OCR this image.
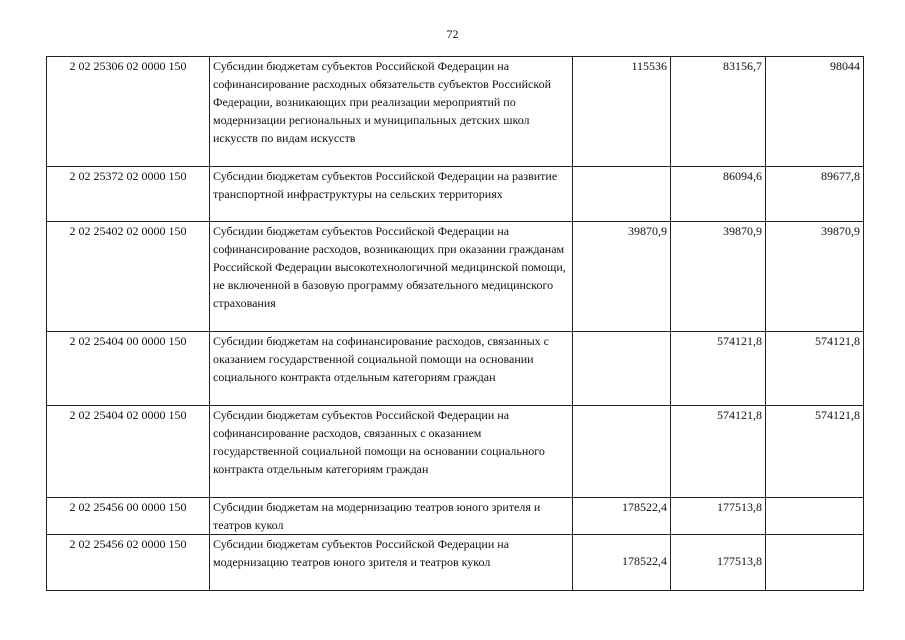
72
2 02 25306 02 0000 150	Субсидии бюджетам субъектов Российской Федерации на софинансирование расходных обязательств субъектов Российской Федерации, возникающих при реализации мероприятий по модернизации региональных и муниципальных детских школ искусств по видам искусств	115536	83156,7	98044
2 02 25372 02 0000 150	Субсидии бюджетам субъектов Российской Федерации на развитие транспортной инфраструктуры на сельских территориях		86094,6	89677,8
2 02 25402 02 0000 150	Субсидии бюджетам субъектов Российской Федерации на софинансирование расходов, возникающих при оказании гражданам Российской Федерации высокотехнологичной медицинской помощи, не включенной в базовую программу обязательного медицинского страхования	39870,9	39870,9	39870,9
2 02 25404 00 0000 150	Субсидии бюджетам на софинансирование расходов, связанных с оказанием государственной социальной помощи на основании социального контракта отдельным категориям граждан		574121,8	574121,8
2 02 25404 02 0000 150	Субсидии бюджетам субъектов Российской Федерации на софинансирование расходов, связанных с оказанием государственной социальной помощи на основании социального контракта отдельным категориям граждан		574121,8	574121,8
2 02 25456 00 0000 150	Субсидии бюджетам на модернизацию театров юного зрителя и театров кукол	178522,4	177513,8	
2 02 25456 02 0000 150	Субсидии бюджетам субъектов Российской Федерации на модернизацию театров юного зрителя и театров кукол	178522,4	177513,8	
